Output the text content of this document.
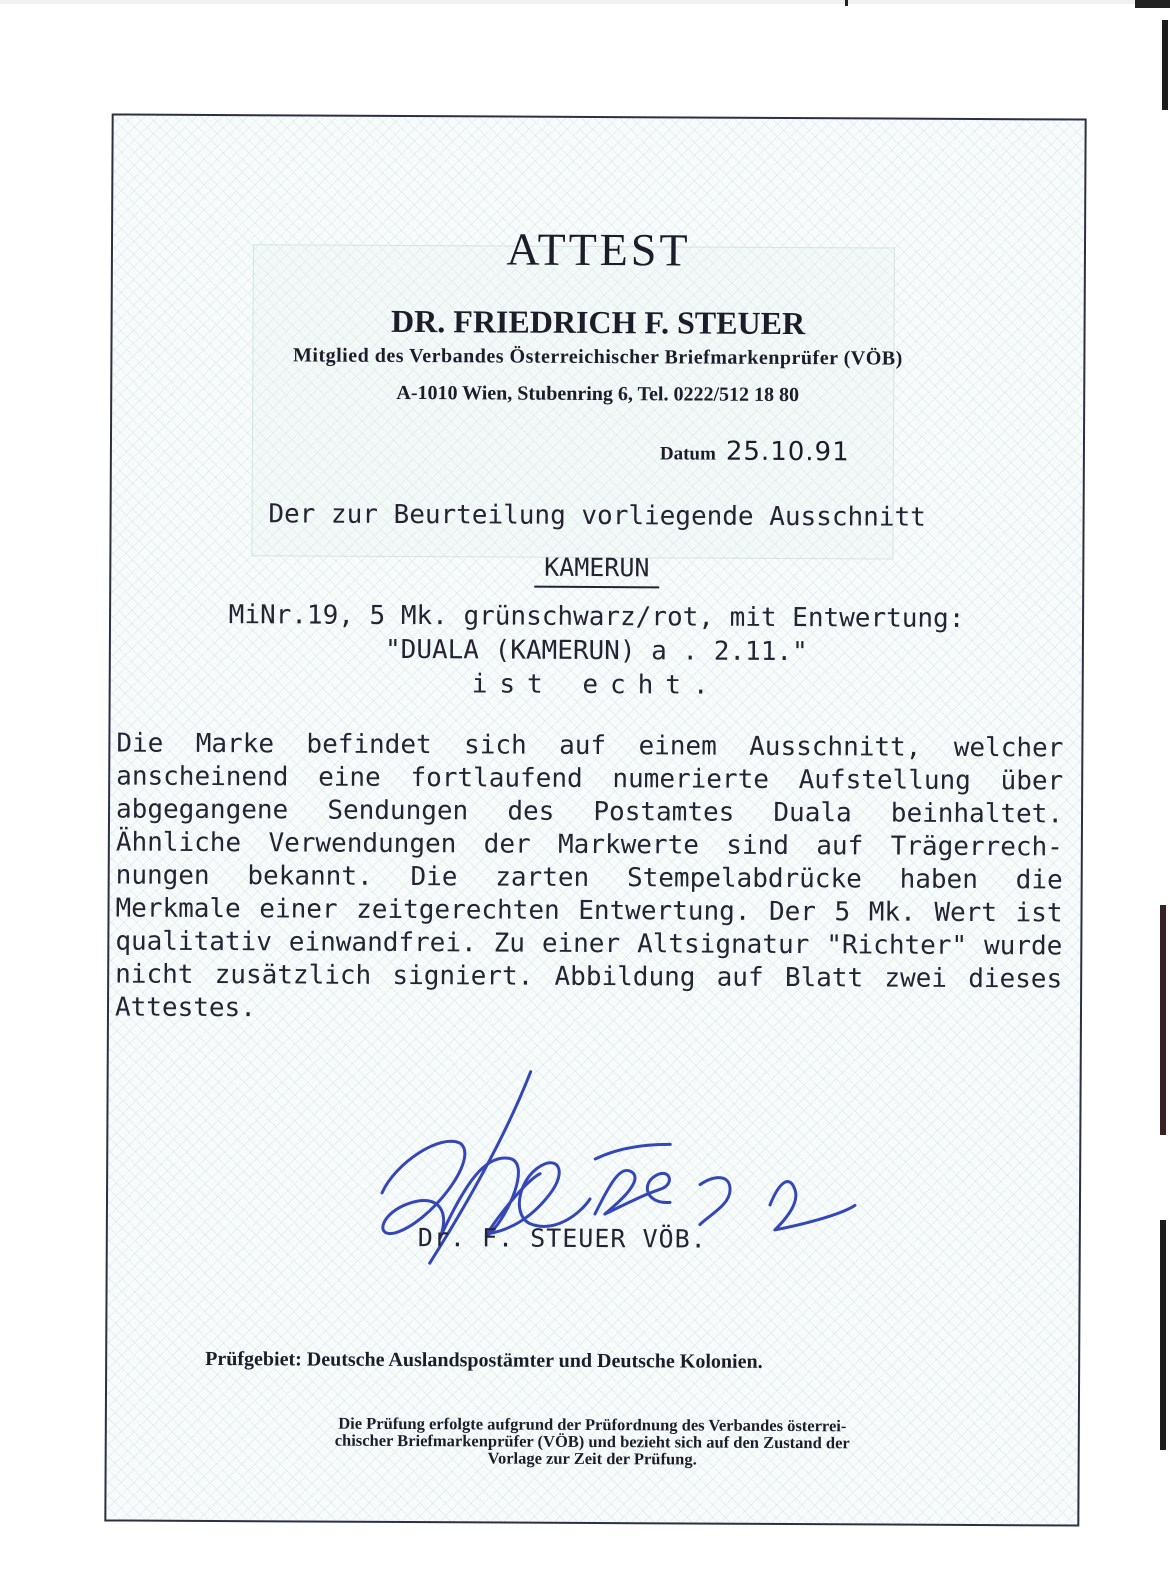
ATTEST
DR. FRIEDRICH F. STEUER
Mitglied des Verbandes Österreichischer Briefmarkenprüfer (VÖB)
A-1010 Wien, Stubenring 6, Tel. 0222/512 18 80
Datum 25.10.91
Der zur Beurteilung vorliegende Ausschnitt
KAMERUN
MiNr.19, 5 Mk. grünschwarz/rot, mit Entwertung:
"DUALA (KAMERUN) a . 2.11."
ist echt.
Die Marke befindet sich auf einem Ausschnitt, welcher anscheinend eine fortlaufend numerierte Aufstellung über abgegangene Sendungen des Postamtes Duala beinhaltet. Ähnliche Verwendungen der Markwerte sind auf Trägerrech-nungen bekannt. Die zarten Stempelabdrücke haben die Merkmale einer zeitgerechten Entwertung. Der 5 Mk. Wert ist qualitativ einwandfrei. Zu einer Altsignatur "Richter" wurde nicht zusätzlich signiert. Abbildung auf Blatt zwei dieses Attestes.
Dr. F. STEUER VÖB.
Prüfgebiet: Deutsche Auslandspostämter und Deutsche Kolonien.
Die Prüfung erfolgte aufgrund der Prüfordnung des Verbandes österrei-
chischer Briefmarkenprüfer (VÖB) und bezieht sich auf den Zustand der
Vorlage zur Zeit der Prüfung.
